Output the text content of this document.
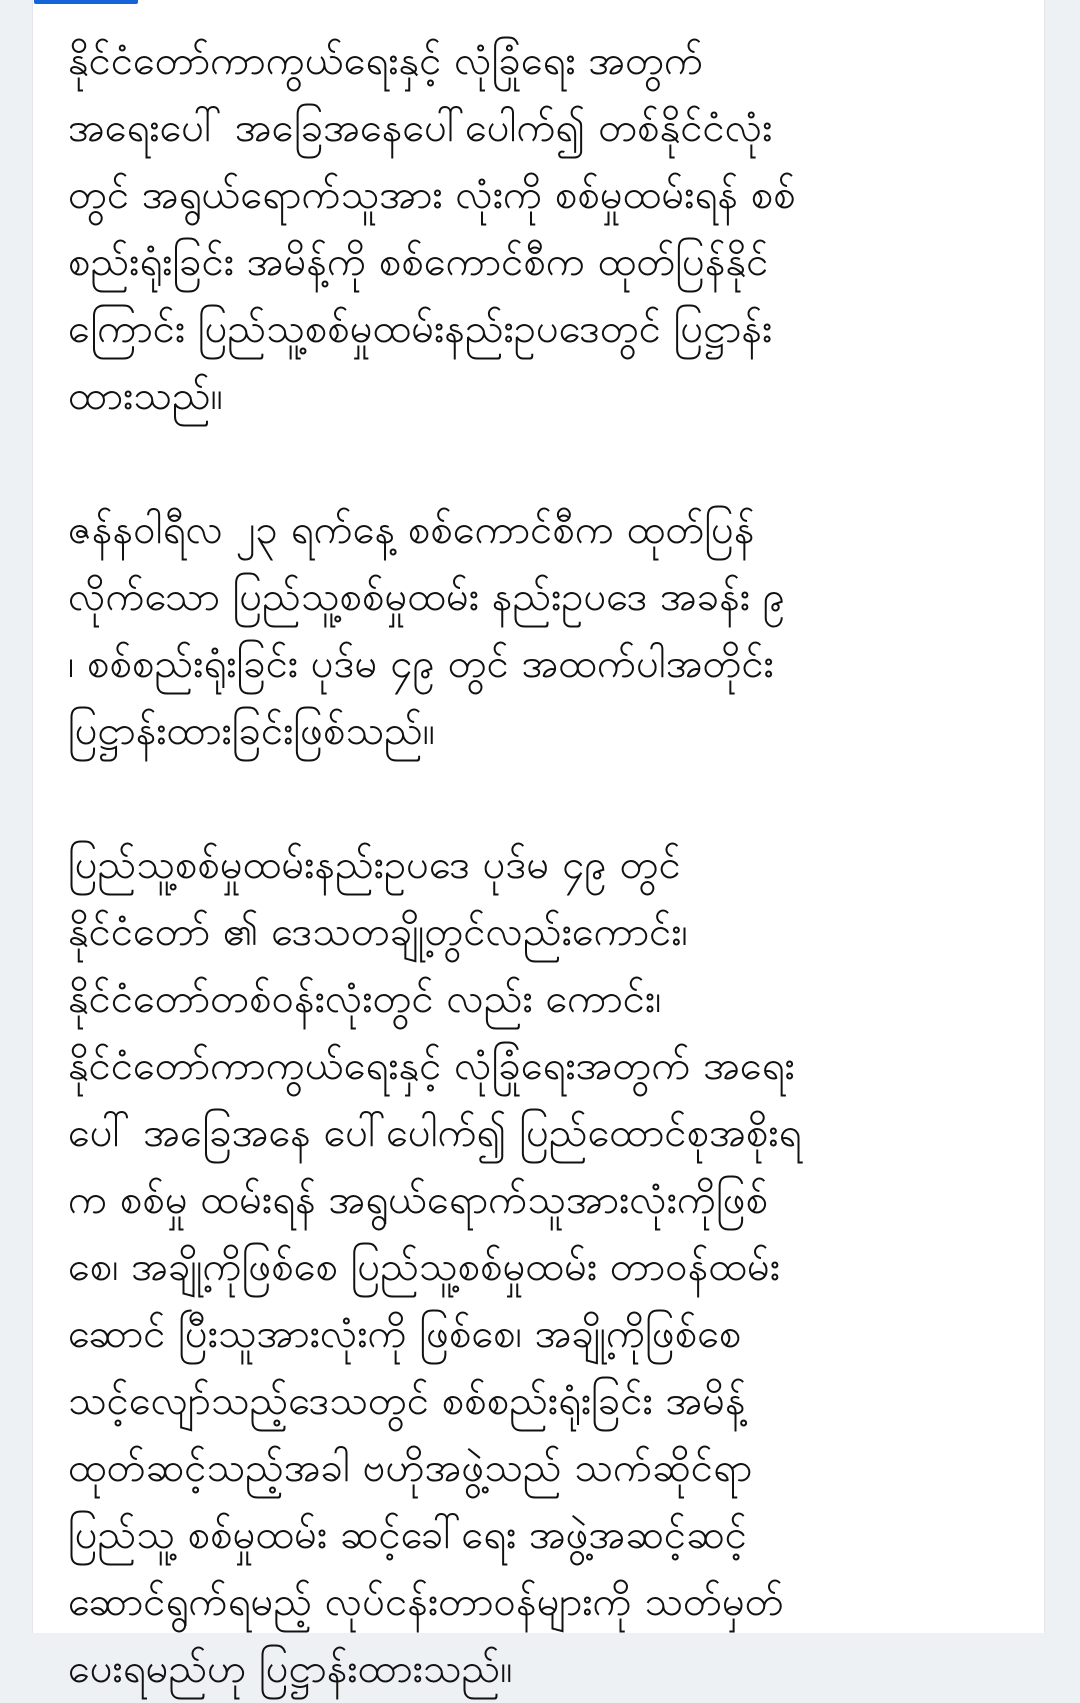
နိုင်ငံတော်ကာကွယ်ရေးနှင့် လုံခြုံရေး အတွက်
အရေးပေါ် အခြေအနေပေါ်ပေါက်၍ တစ်နိုင်ငံလုံး
တွင် အရွယ်ရောက်သူအား လုံးကို စစ်မှုထမ်းရန် စစ်
စည်းရုံးခြင်း အမိန့်ကို စစ်ကောင်စီက ထုတ်ပြန်နိုင်
ကြောင်း ပြည်သူ့စစ်မှုထမ်းနည်းဥပဒေတွင် ပြဋ္ဌာန်း
ထားသည်။

ဇန်နဝါရီလ ၂၃ ရက်နေ့ စစ်ကောင်စီက ထုတ်ပြန်
လိုက်သော ပြည်သူ့စစ်မှုထမ်း နည်းဥပဒေ အခန်း ၉
၊ စစ်စည်းရုံးခြင်း ပုဒ်မ ၄၉ တွင် အထက်ပါအတိုင်း
ပြဋ္ဌာန်းထားခြင်းဖြစ်သည်။

ပြည်သူ့စစ်မှုထမ်းနည်းဥပဒေ ပုဒ်မ ၄၉ တွင်
နိုင်ငံတော် ၏ ဒေသတချို့တွင်လည်းကောင်း၊
နိုင်ငံတော်တစ်ဝန်းလုံးတွင် လည်း ကောင်း၊
နိုင်ငံတော်ကာကွယ်ရေးနှင့် လုံခြုံရေးအတွက် အရေး
ပေါ် အခြေအနေ ပေါ်ပေါက်၍ ပြည်ထောင်စုအစိုးရ
က စစ်မှု ထမ်းရန် အရွယ်ရောက်သူအားလုံးကိုဖြစ်
စေ၊ အချို့ကိုဖြစ်စေ ပြည်သူ့စစ်မှုထမ်း တာဝန်ထမ်း
ဆောင် ပြီးသူအားလုံးကို ဖြစ်စေ၊ အချို့ကိုဖြစ်စေ
သင့်လျော်သည့်ဒေသတွင် စစ်စည်းရုံးခြင်း အမိန့်
ထုတ်ဆင့်သည့်အခါ ဗဟိုအဖွဲ့သည် သက်ဆိုင်ရာ
ပြည်သူ့ စစ်မှုထမ်း ဆင့်ခေါ်ရေး အဖွဲ့အဆင့်ဆင့်
ဆောင်ရွက်ရမည့် လုပ်ငန်းတာဝန်များကို သတ်မှတ်
ပေးရမည်ဟု ပြဋ္ဌာန်းထားသည်။
